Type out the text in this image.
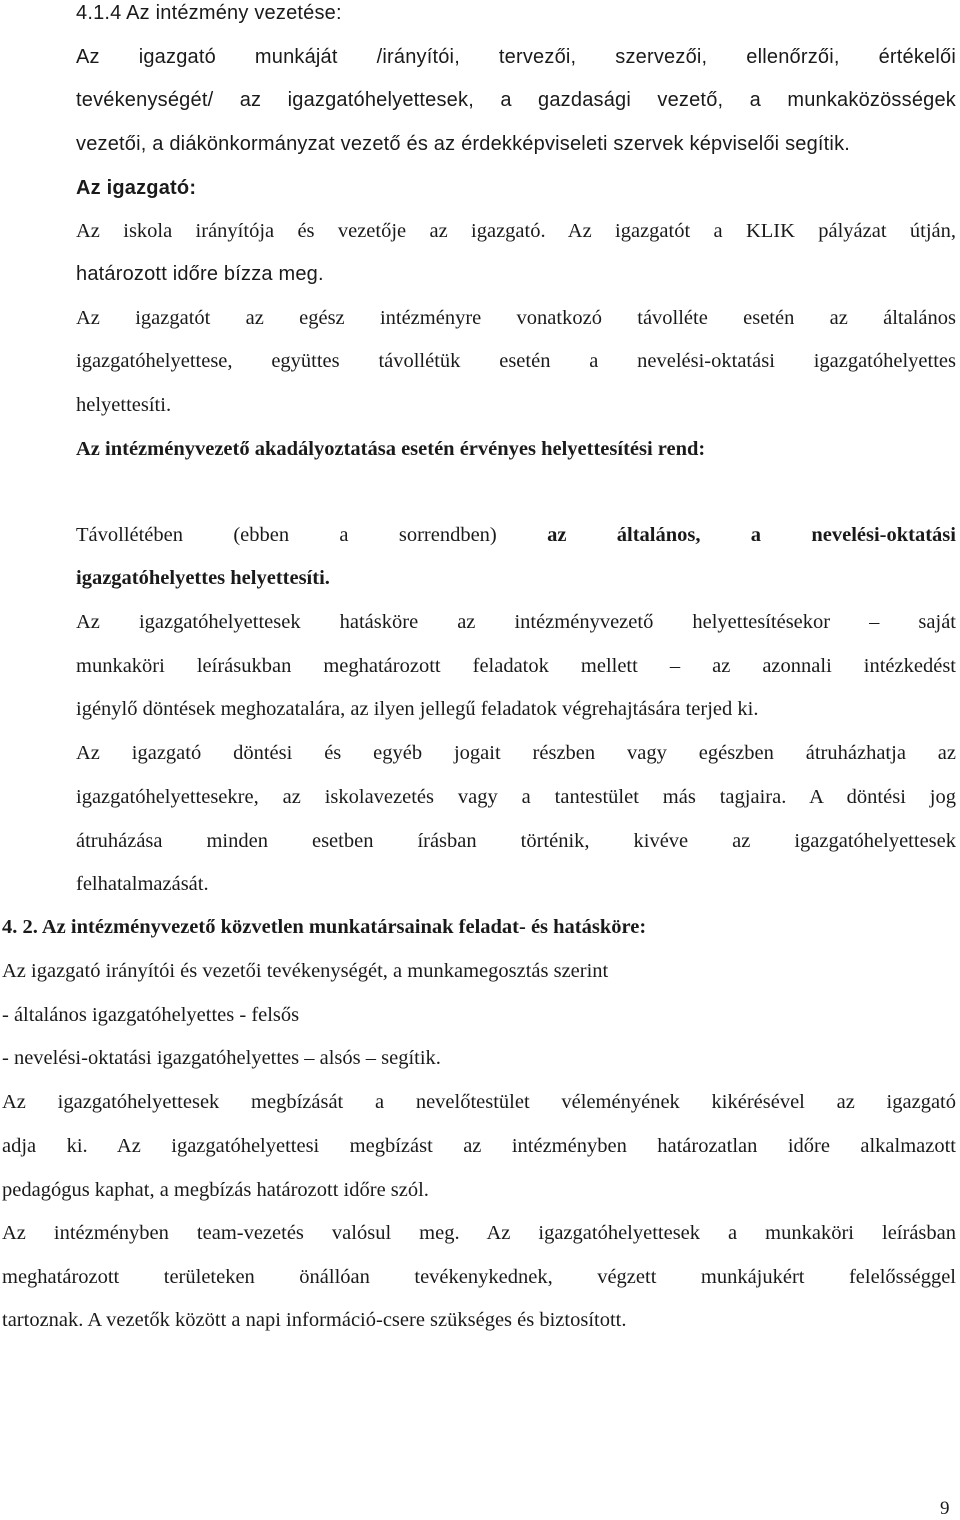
4.1.4 Az intézmény vezetése:
Az igazgató munkáját /irányítói, tervezői, szervezői, ellenőrzői, értékelői
tevékenységét/ az igazgatóhelyettesek, a gazdasági vezető, a munkaközösségek
vezetői, a diákönkormányzat vezető és az érdekképviseleti szervek képviselői segítik.
Az igazgató:
Az iskola irányítója és vezetője az igazgató. Az igazgatót a KLIK pályázat útján,
határozott időre bízza meg.
Az igazgatót az egész intézményre vonatkozó távolléte esetén az általános
igazgatóhelyettese, együttes távollétük esetén a nevelési-oktatási igazgatóhelyettes
helyettesíti.
Az intézményvezető akadályoztatása esetén érvényes helyettesítési rend:
Távollétében (ebben a sorrendben) az általános, a nevelési-oktatási
igazgatóhelyettes helyettesíti.
Az igazgatóhelyettesek hatásköre az intézményvezető helyettesítésekor – saját
munkaköri leírásukban meghatározott feladatok mellett – az azonnali intézkedést
igénylő döntések meghozatalára, az ilyen jellegű feladatok végrehajtására terjed ki.
Az igazgató döntési és egyéb jogait részben vagy egészben átruházhatja az
igazgatóhelyettesekre, az iskolavezetés vagy a tantestület más tagjaira. A döntési jog
átruházása minden esetben írásban történik, kivéve az igazgatóhelyettesek
felhatalmazását.
4. 2. Az intézményvezető közvetlen munkatársainak feladat- és hatásköre:
Az igazgató irányítói és vezetői tevékenységét, a munkamegosztás szerint
- általános igazgatóhelyettes - felsős
- nevelési-oktatási igazgatóhelyettes – alsós – segítik.
Az igazgatóhelyettesek megbízását a nevelőtestület véleményének kikérésével az igazgató
adja ki. Az igazgatóhelyettesi megbízást az intézményben határozatlan időre alkalmazott
pedagógus kaphat, a megbízás határozott időre szól.
Az intézményben team-vezetés valósul meg. Az igazgatóhelyettesek a munkaköri leírásban
meghatározott területeken önállóan tevékenykednek, végzett munkájukért felelősséggel
tartoznak. A vezetők között a napi információ-csere szükséges és biztosított.
9
